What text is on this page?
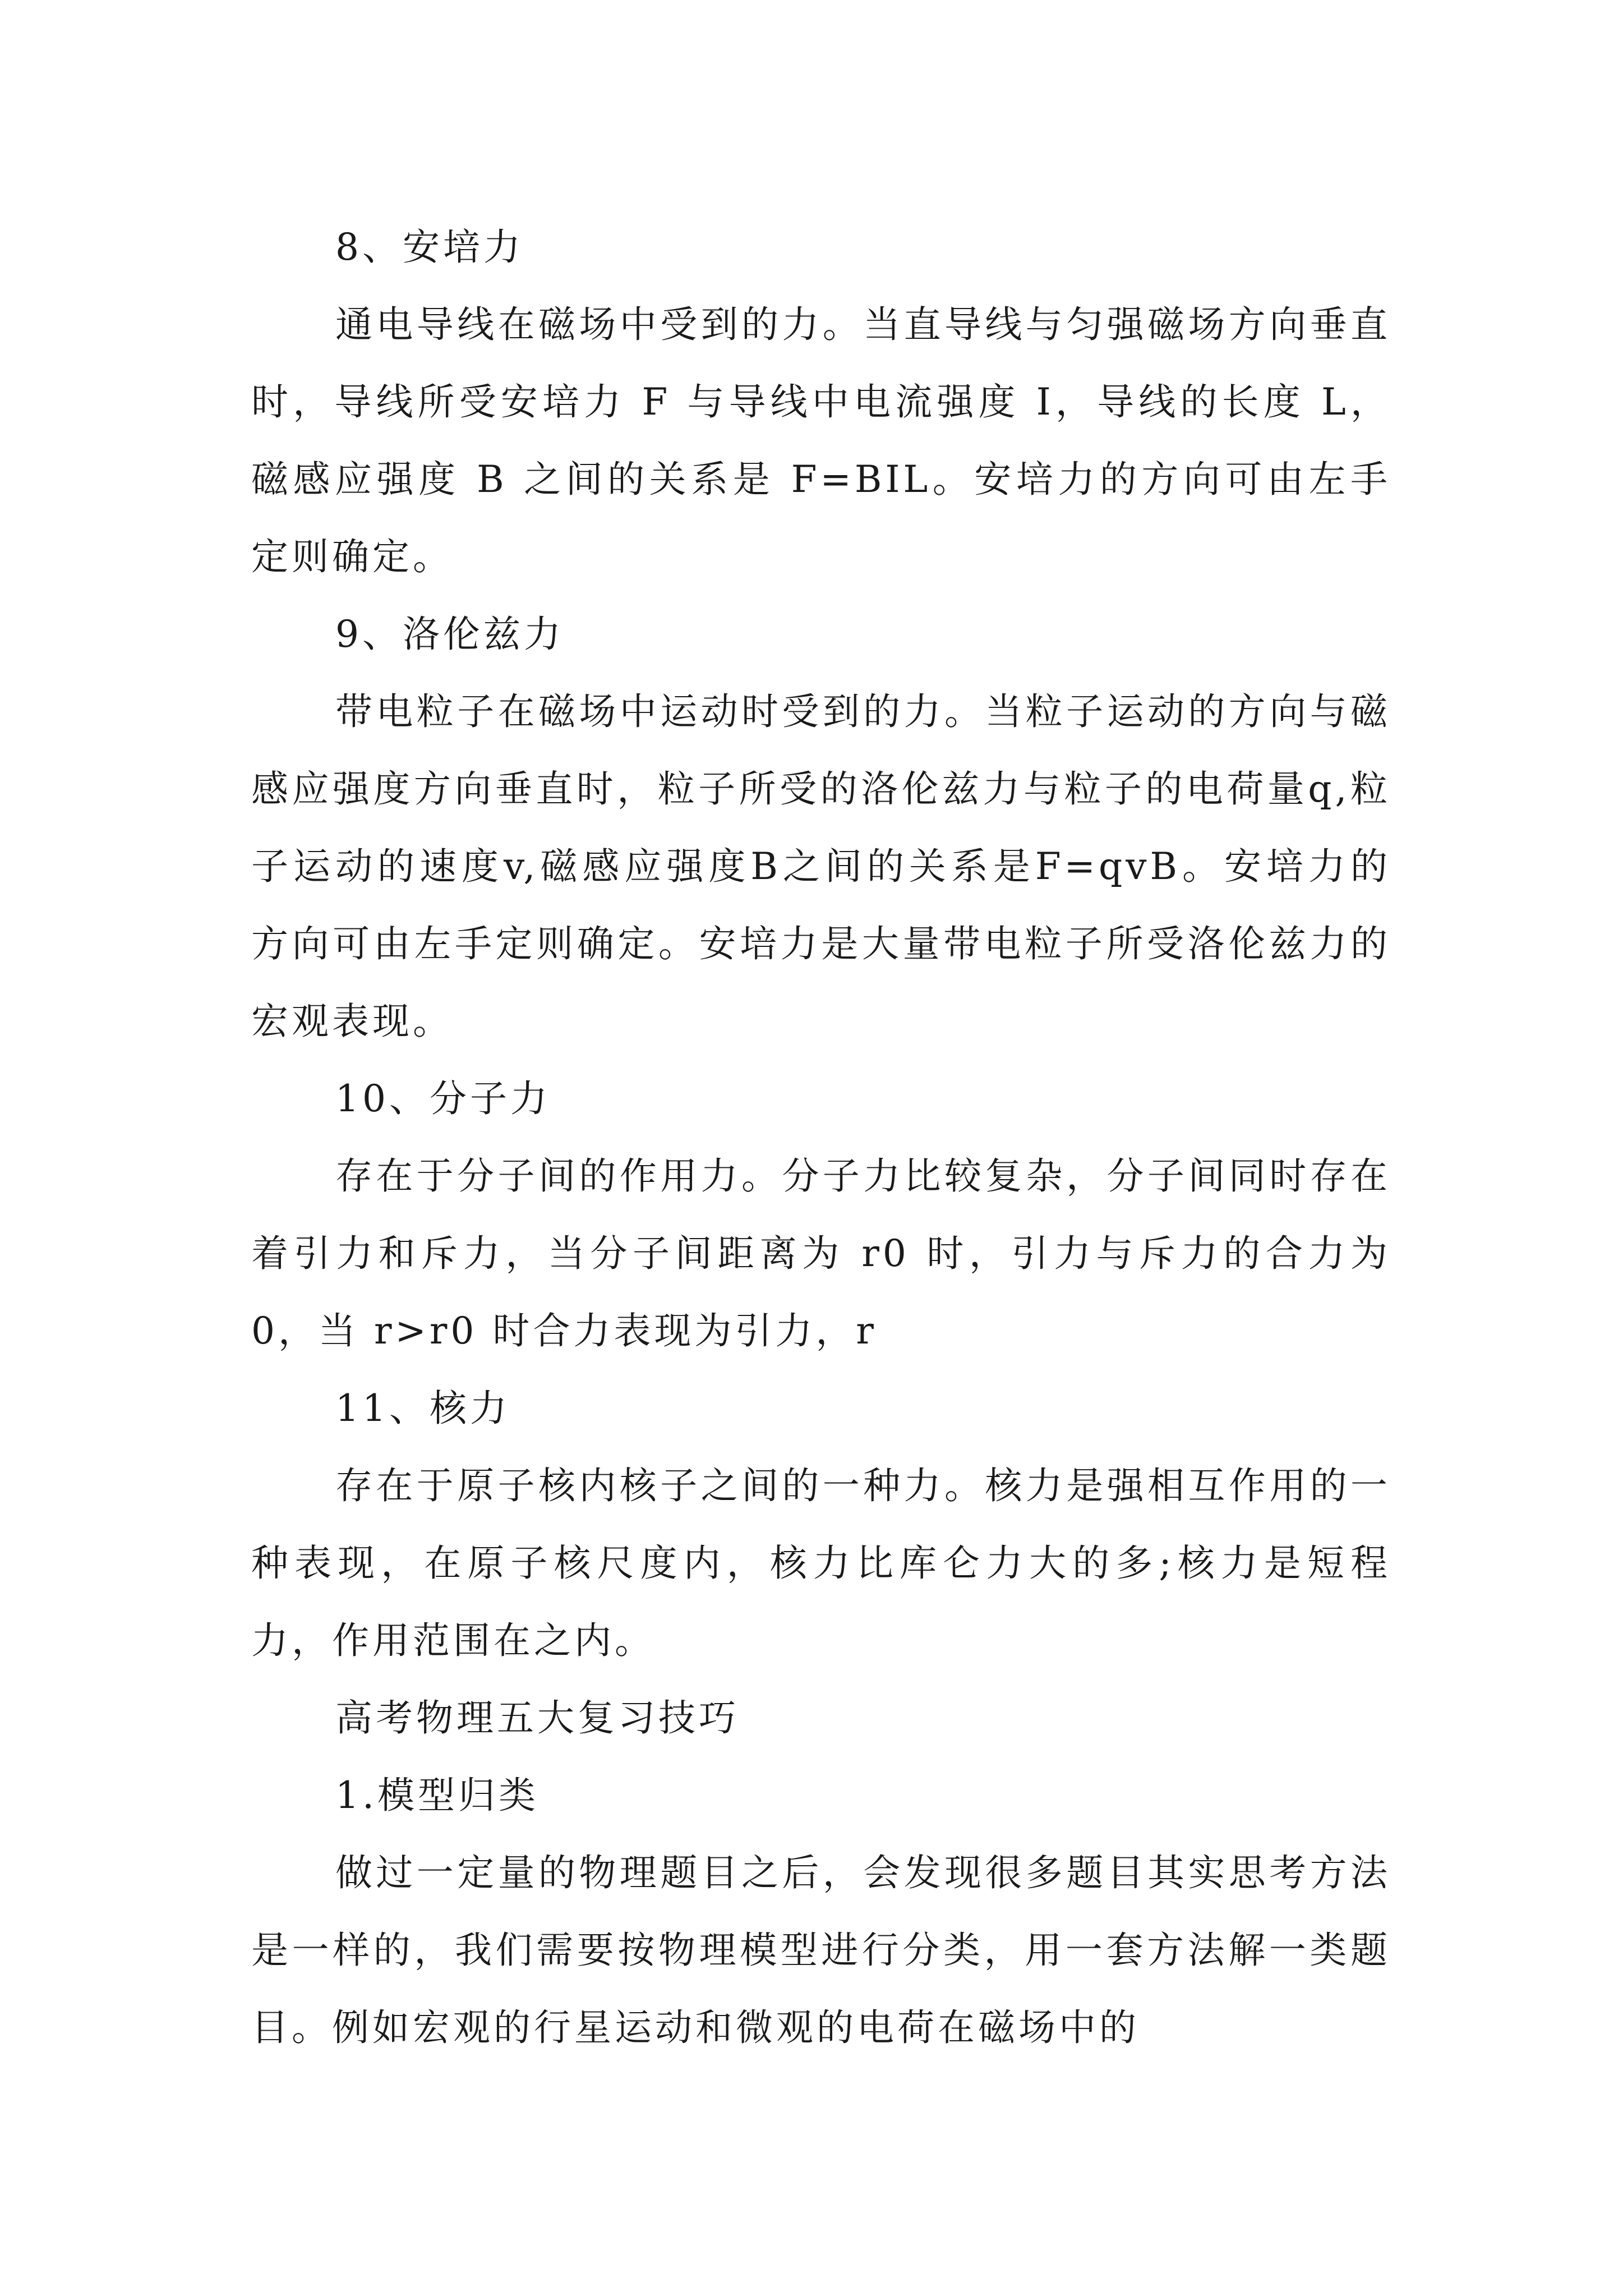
8、安培力

通电导线在磁场中受到的力。当直导线与匀强磁场方向垂直时，导线所受安培力 F 与导线中电流强度 I，导线的长度 L，磁感应强度 B 之间的关系是 F=BIL。安培力的方向可由左手定则确定。

9、洛伦兹力

带电粒子在磁场中运动时受到的力。当粒子运动的方向与磁感应强度方向垂直时，粒子所受的洛伦兹力与粒子的电荷量q,粒子运动的速度v,磁感应强度B之间的关系是F=qvB。安培力的方向可由左手定则确定。安培力是大量带电粒子所受洛伦兹力的宏观表现。

10、分子力

存在于分子间的作用力。分子力比较复杂，分子间同时存在着引力和斥力，当分子间距离为 r0 时，引力与斥力的合力为 0，当 r>r0 时合力表现为引力，r

11、核力

存在于原子核内核子之间的一种力。核力是强相互作用的一种表现，在原子核尺度内，核力比库仑力大的多;核力是短程力，作用范围在之内。

高考物理五大复习技巧

1.模型归类

做过一定量的物理题目之后，会发现很多题目其实思考方法是一样的，我们需要按物理模型进行分类，用一套方法解一类题目。例如宏观的行星运动和微观的电荷在磁场中的
